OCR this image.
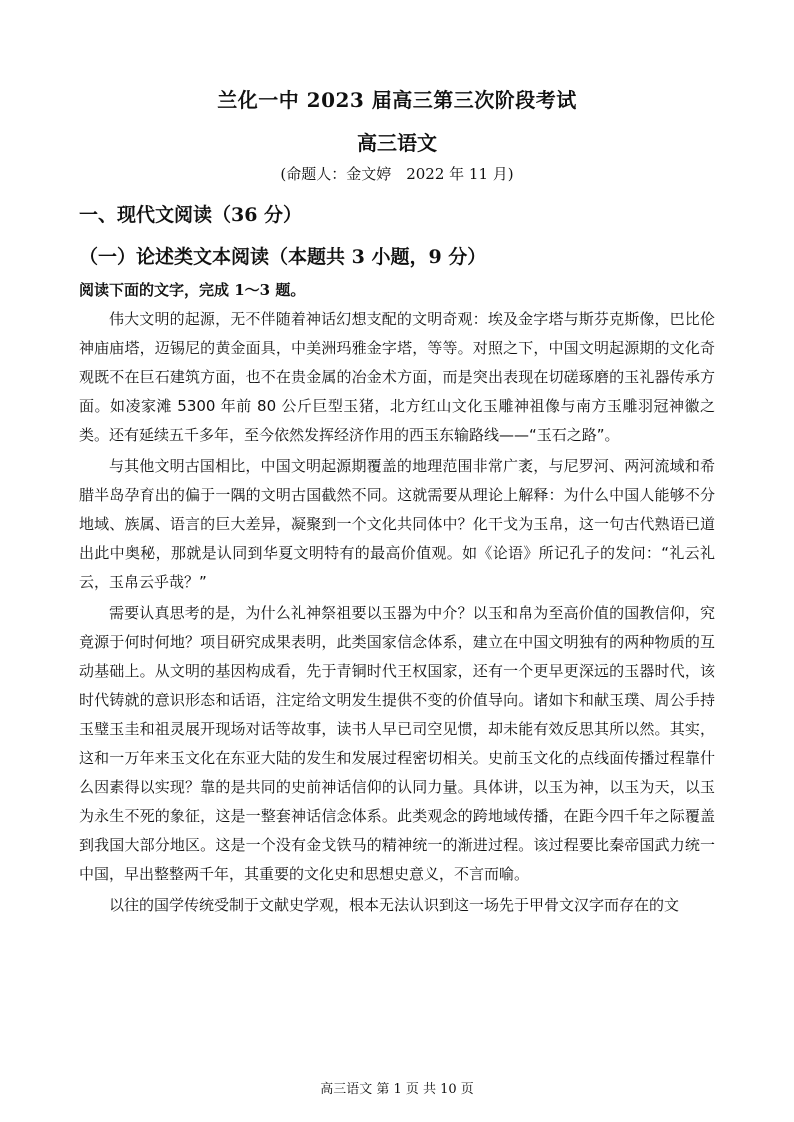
兰化一中 2023 届高三第三次阶段考试
高三语文
(命题人：金文婷　2022 年 11 月)
一、现代文阅读（36 分）
（一）论述类文本阅读（本题共 3 小题，9 分）
阅读下面的文字，完成 1～3 题。

伟大文明的起源，无不伴随着神话幻想支配的文明奇观：埃及金字塔与斯芬克斯像，巴比伦神庙庙塔，迈锡尼的黄金面具，中美洲玛雅金字塔，等等。对照之下，中国文明起源期的文化奇观既不在巨石建筑方面，也不在贵金属的冶金术方面，而是突出表现在切磋琢磨的玉礼器传承方面。如凌家滩 5300 年前 80 公斤巨型玉猪，北方红山文化玉雕神祖像与南方玉雕羽冠神徽之类。还有延续五千多年，至今依然发挥经济作用的西玉东输路线——“玉石之路”。

与其他文明古国相比，中国文明起源期覆盖的地理范围非常广袤，与尼罗河、两河流域和希腊半岛孕育出的偏于一隅的文明古国截然不同。这就需要从理论上解释：为什么中国人能够不分地域、族属、语言的巨大差异，凝聚到一个文化共同体中？化干戈为玉帛，这一句古代熟语已道出此中奥秘，那就是认同到华夏文明特有的最高价值观。如《论语》所记孔子的发问：“礼云礼云，玉帛云乎哉？”

需要认真思考的是，为什么礼神祭祖要以玉器为中介？以玉和帛为至高价值的国教信仰，究竟源于何时何地？项目研究成果表明，此类国家信念体系，建立在中国文明独有的两种物质的互动基础上。从文明的基因构成看，先于青铜时代王权国家，还有一个更早更深远的玉器时代，该时代铸就的意识形态和话语，注定给文明发生提供不变的价值导向。诸如卞和献玉璞、周公手持玉璧玉圭和祖灵展开现场对话等故事，读书人早已司空见惯，却未能有效反思其所以然。其实，这和一万年来玉文化在东亚大陆的发生和发展过程密切相关。史前玉文化的点线面传播过程靠什么因素得以实现？靠的是共同的史前神话信仰的认同力量。具体讲，以玉为神，以玉为天，以玉为永生不死的象征，这是一整套神话信念体系。此类观念的跨地域传播，在距今四千年之际覆盖到我国大部分地区。这是一个没有金戈铁马的精神统一的渐进过程。该过程要比秦帝国武力统一中国，早出整整两千年，其重要的文化史和思想史意义，不言而喻。

以往的国学传统受制于文献史学观，根本无法认识到这一场先于甲骨文汉字而存在的文

高三语文 第 1 页 共 10 页
